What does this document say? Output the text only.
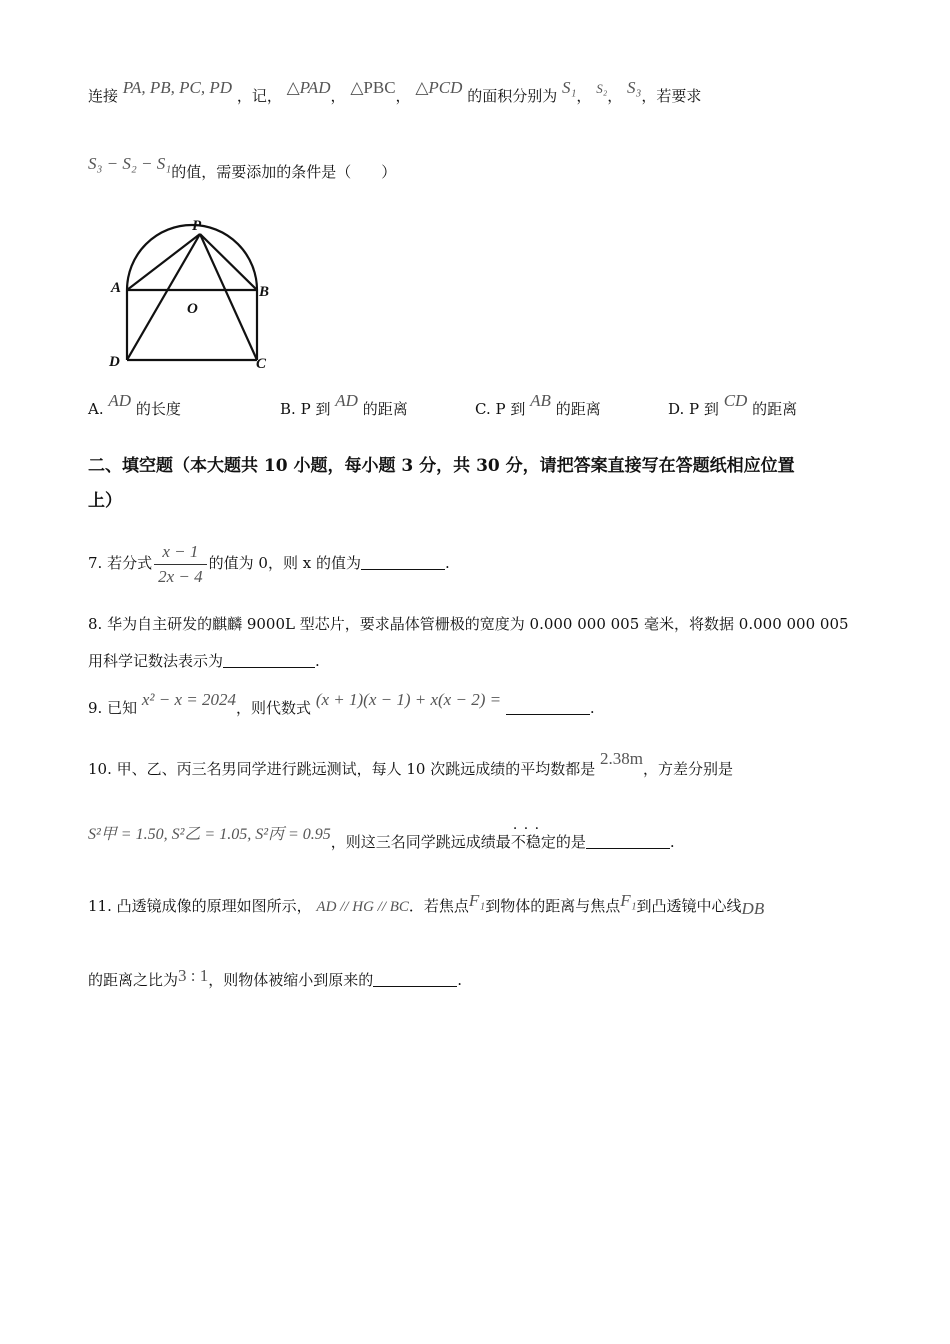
连接 PA, PB, PC, PD ，记， △PAD， △PBC， △PCD 的面积分别为 S₁， S₂， S₃，若要求
S₃ − S₂ − S₁的值，需要添加的条件是（　　）
P
A	B
O
D	C
A. AD 的长度	B. P 到 AD 的距离	C. P 到 AB 的距离	D. P 到 CD 的距离
二、填空题（本大题共 10 小题，每小题 3 分，共 30 分，请把答案直接写在答题纸相应位置
上）
7. 若分式 $\frac{x - 1}{2x - 4}$ 的值为 0，则 x 的值为	.
8. 华为自主研发的麒麟 9000L 型芯片，要求晶体管栅极的宽度为 0.000 000 005 毫米，将数据 0.000 000 005
用科学记数法表示为	.
9. 已知 x² − x = 2024，则代数式 (x + 1)(x − 1) + x(x − 2) =	.
10. 甲、乙、丙三名男同学进行跳远测试，每人 10 次跳远成绩的平均数都是 2.38m，方差分别是
S²甲 = 1.50, S²乙 = 1.05, S²丙 = 0.95，则这三名同学跳远成绩最· · · 不稳定的是	.
11. 凸透镜成像的原理如图所示， AD // HG // BC．若焦点F₁到物体的距离与焦点F₁到凸透镜中心线DB
的距离之比为3 : 1，则物体被缩小到原来的	.
